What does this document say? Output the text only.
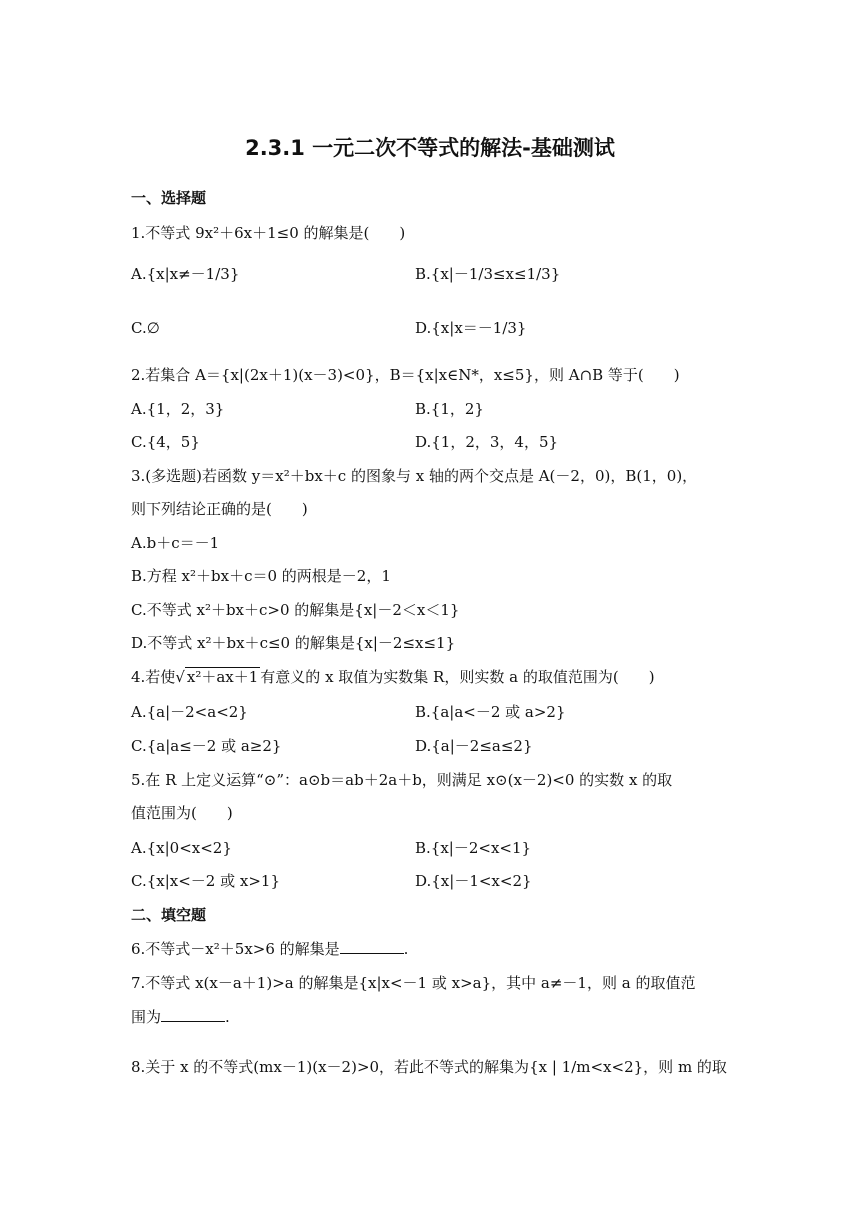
2.3.1 一元二次不等式的解法-基础测试
一、选择题
1.不等式 9x²＋6x＋1≤0 的解集是(　　)
A.{x|x≠－1/3}	B.{x|－1/3≤x≤1/3}
C.∅	D.{x|x＝－1/3}
2.若集合 A＝{x|(2x＋1)(x－3)<0}，B＝{x|x∈N*，x≤5}，则 A∩B 等于(　　)
A.{1，2，3}	B.{1，2}
C.{4，5}	D.{1，2，3，4，5}
3.(多选题)若函数 y＝x²＋bx＋c 的图象与 x 轴的两个交点是 A(－2，0)，B(1，0)，
则下列结论正确的是(　　)
A.b＋c＝－1
B.方程 x²＋bx＋c＝0 的两根是－2，1
C.不等式 x²＋bx＋c>0 的解集是{x|－2＜x＜1}
D.不等式 x²＋bx＋c≤0 的解集是{x|－2≤x≤1}
4.若使√ x²＋ax＋1 有意义的 x 取值为实数集 R，则实数 a 的取值范围为(　　)
A.{a|－2<a<2}	B.{a|a<－2 或 a>2}
C.{a|a≤－2 或 a≥2}	D.{a|－2≤a≤2}
5.在 R 上定义运算“⊙”：a⊙b＝ab＋2a＋b，则满足 x⊙(x－2)<0 的实数 x 的取
值范围为(　　)
A.{x|0<x<2}	B.{x|－2<x<1}
C.{x|x<－2 或 x>1}	D.{x|－1<x<2}
二、填空题
6.不等式－x²＋5x>6 的解集是	.
7.不等式 x(x－a＋1)>a 的解集是{x|x<－1 或 x>a}，其中 a≠－1，则 a 的取值范
围为	.
8.关于 x 的不等式(mx－1)(x－2)>0，若此不等式的解集为{x | 1/m<x<2}，则 m 的取
